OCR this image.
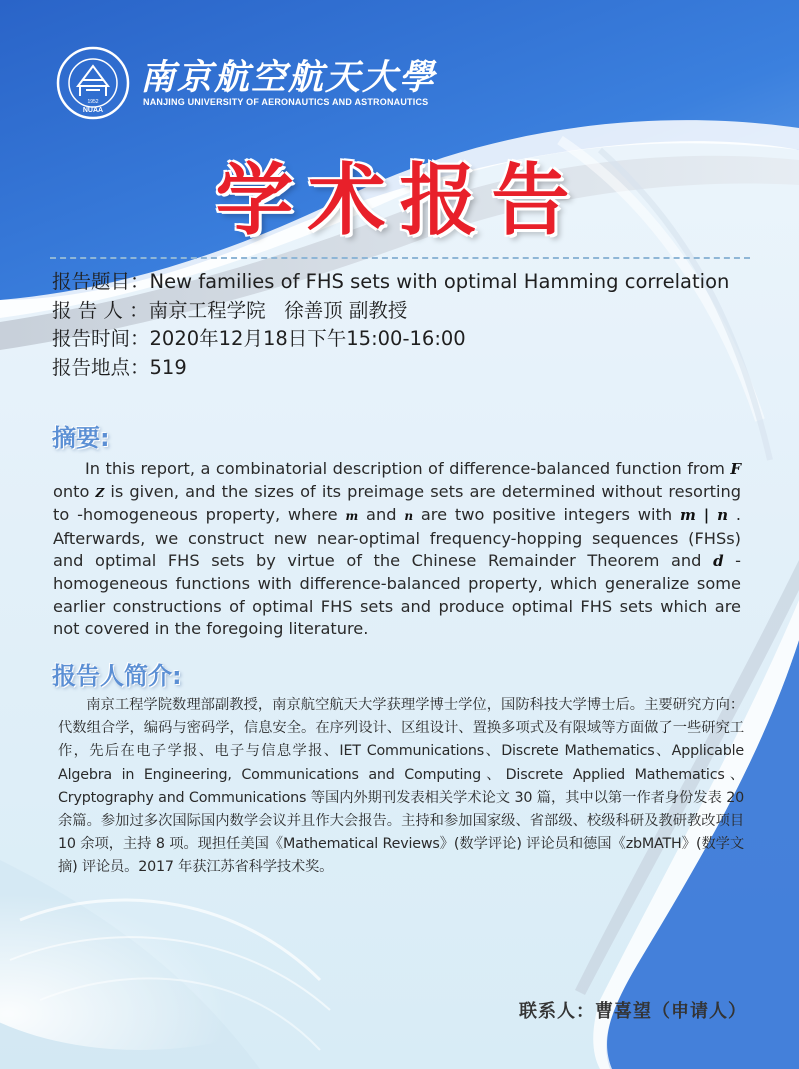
NUAA
1952
南京航空航天大學
NANJING UNIVERSITY OF AERONAUTICS AND ASTRONAUTICS
学术报告
报告题目：New families of FHS sets with optimal Hamming correlation
报 告 人 ：南京工程学院   徐善顶 副教授
报告时间：2020年12月18日下午15:00-16:00
报告地点：519
摘要:
In this report, a combinatorial description of difference-balanced function from F onto Z is given, and the sizes of its preimage sets are determined without resorting to -homogeneous property, where m and n are two positive integers with m | n . Afterwards, we construct new near-optimal frequency-hopping sequences (FHSs) and optimal FHS sets by virtue of the Chinese Remainder Theorem and d -homogeneous functions with difference-balanced property, which generalize some earlier constructions of optimal FHS sets and produce optimal FHS sets which are not covered in the foregoing literature.
报告人简介:
南京工程学院数理部副教授，南京航空航天大学获理学博士学位，国防科技大学博士后。主要研究方向：代数组合学，编码与密码学，信息安全。在序列设计、区组设计、置换多项式及有限域等方面做了一些研究工作，先后在电子学报、电子与信息学报、IET Communications、Discrete Mathematics、Applicable Algebra in Engineering, Communications and Computing、Discrete Applied Mathematics、Cryptography and Communications 等国内外期刊发表相关学术论文 30 篇，其中以第一作者身份发表 20 余篇。参加过多次国际国内数学会议并且作大会报告。主持和参加国家级、省部级、校级科研及教研教改项目 10 余项，主持 8 项。现担任美国《Mathematical Reviews》(数学评论) 评论员和德国《zbMATH》(数学文摘) 评论员。2017 年获江苏省科学技术奖。
联系人：曹喜望（申请人）
